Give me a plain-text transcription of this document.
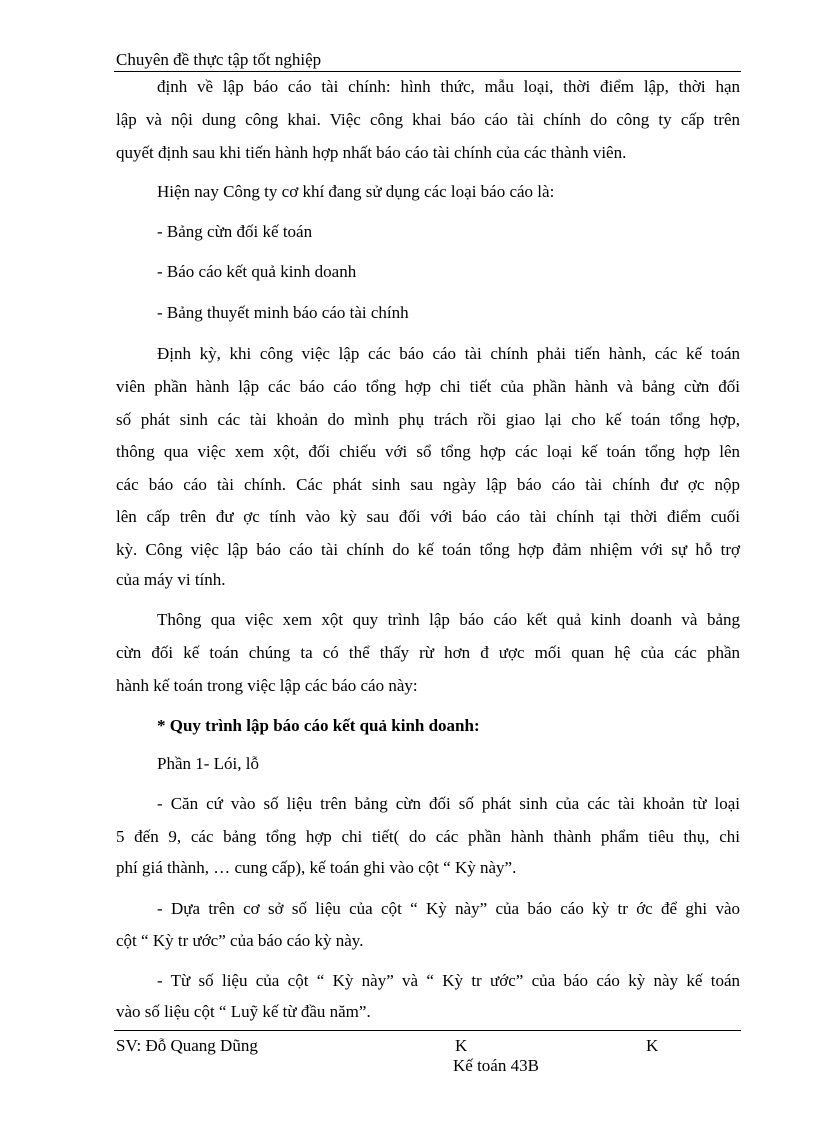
Chuyên đề thực tập tốt nghiệp
định về lập báo cáo tài chính: hình thức, mẫu loại, thời điểm lập, thời hạn
lập và nội dung công khai. Việc công khai báo cáo tài chính do công ty cấp trên
quyết định sau khi tiến hành hợp nhất báo cáo tài chính của các thành viên.
Hiện nay Công ty cơ khí đang sử dụng các loại báo cáo là:
- Bảng cừn đối kế toán
- Báo cáo kết quả kinh doanh
- Bảng thuyết minh báo cáo tài chính
Định kỳ, khi công việc lập các báo cáo tài chính phải tiến hành, các kế toán
viên phần hành lập các báo cáo tổng hợp chi tiết của phần hành và bảng cừn đối
số phát sinh các tài khoản do mình phụ trách rồi giao lại cho kế toán tổng hợp,
thông qua việc xem xột, đối chiếu với sổ tổng hợp các loại kế toán tổng hợp lên
các báo cáo tài chính. Các phát sinh sau ngày lập báo cáo tài chính đư ợc nộp
lên cấp trên đư ợc tính vào kỳ sau đối với báo cáo tài chính tại thời điểm cuối
kỳ. Công việc lập báo cáo tài chính do kế toán tổng hợp đảm nhiệm với sự hỗ trợ
của máy vi tính.
Thông qua việc xem xột quy trình lập báo cáo kết quả kinh doanh và bảng
cừn đối kế toán chúng ta có thể thấy rừ hơn đ ược mối quan hệ của các phần
hành kế toán trong việc lập các báo cáo này:
* Quy trình lập báo cáo kết quả kinh doanh:
Phần 1- Lói, lỗ
- Căn cứ vào số liệu trên bảng cừn đối số phát sinh của các tài khoản từ loại
5 đến 9, các bảng tổng hợp chi tiết( do các phần hành thành phẩm tiêu thụ, chi
phí giá thành, … cung cấp), kế toán ghi vào cột “ Kỳ này”.
- Dựa trên cơ sở số liệu của cột “ Kỳ này” của báo cáo kỳ tr ớc để ghi vào
cột “ Kỳ tr ước” của báo cáo kỳ này.
- Từ số liệu của cột “ Kỳ này” và “ Kỳ tr ước” của báo cáo kỳ này kế toán
vào số liệu cột “ Luỹ kế từ đầu năm”.
SV: Đỗ Quang Dũng	K	K
Kế toán 43B
